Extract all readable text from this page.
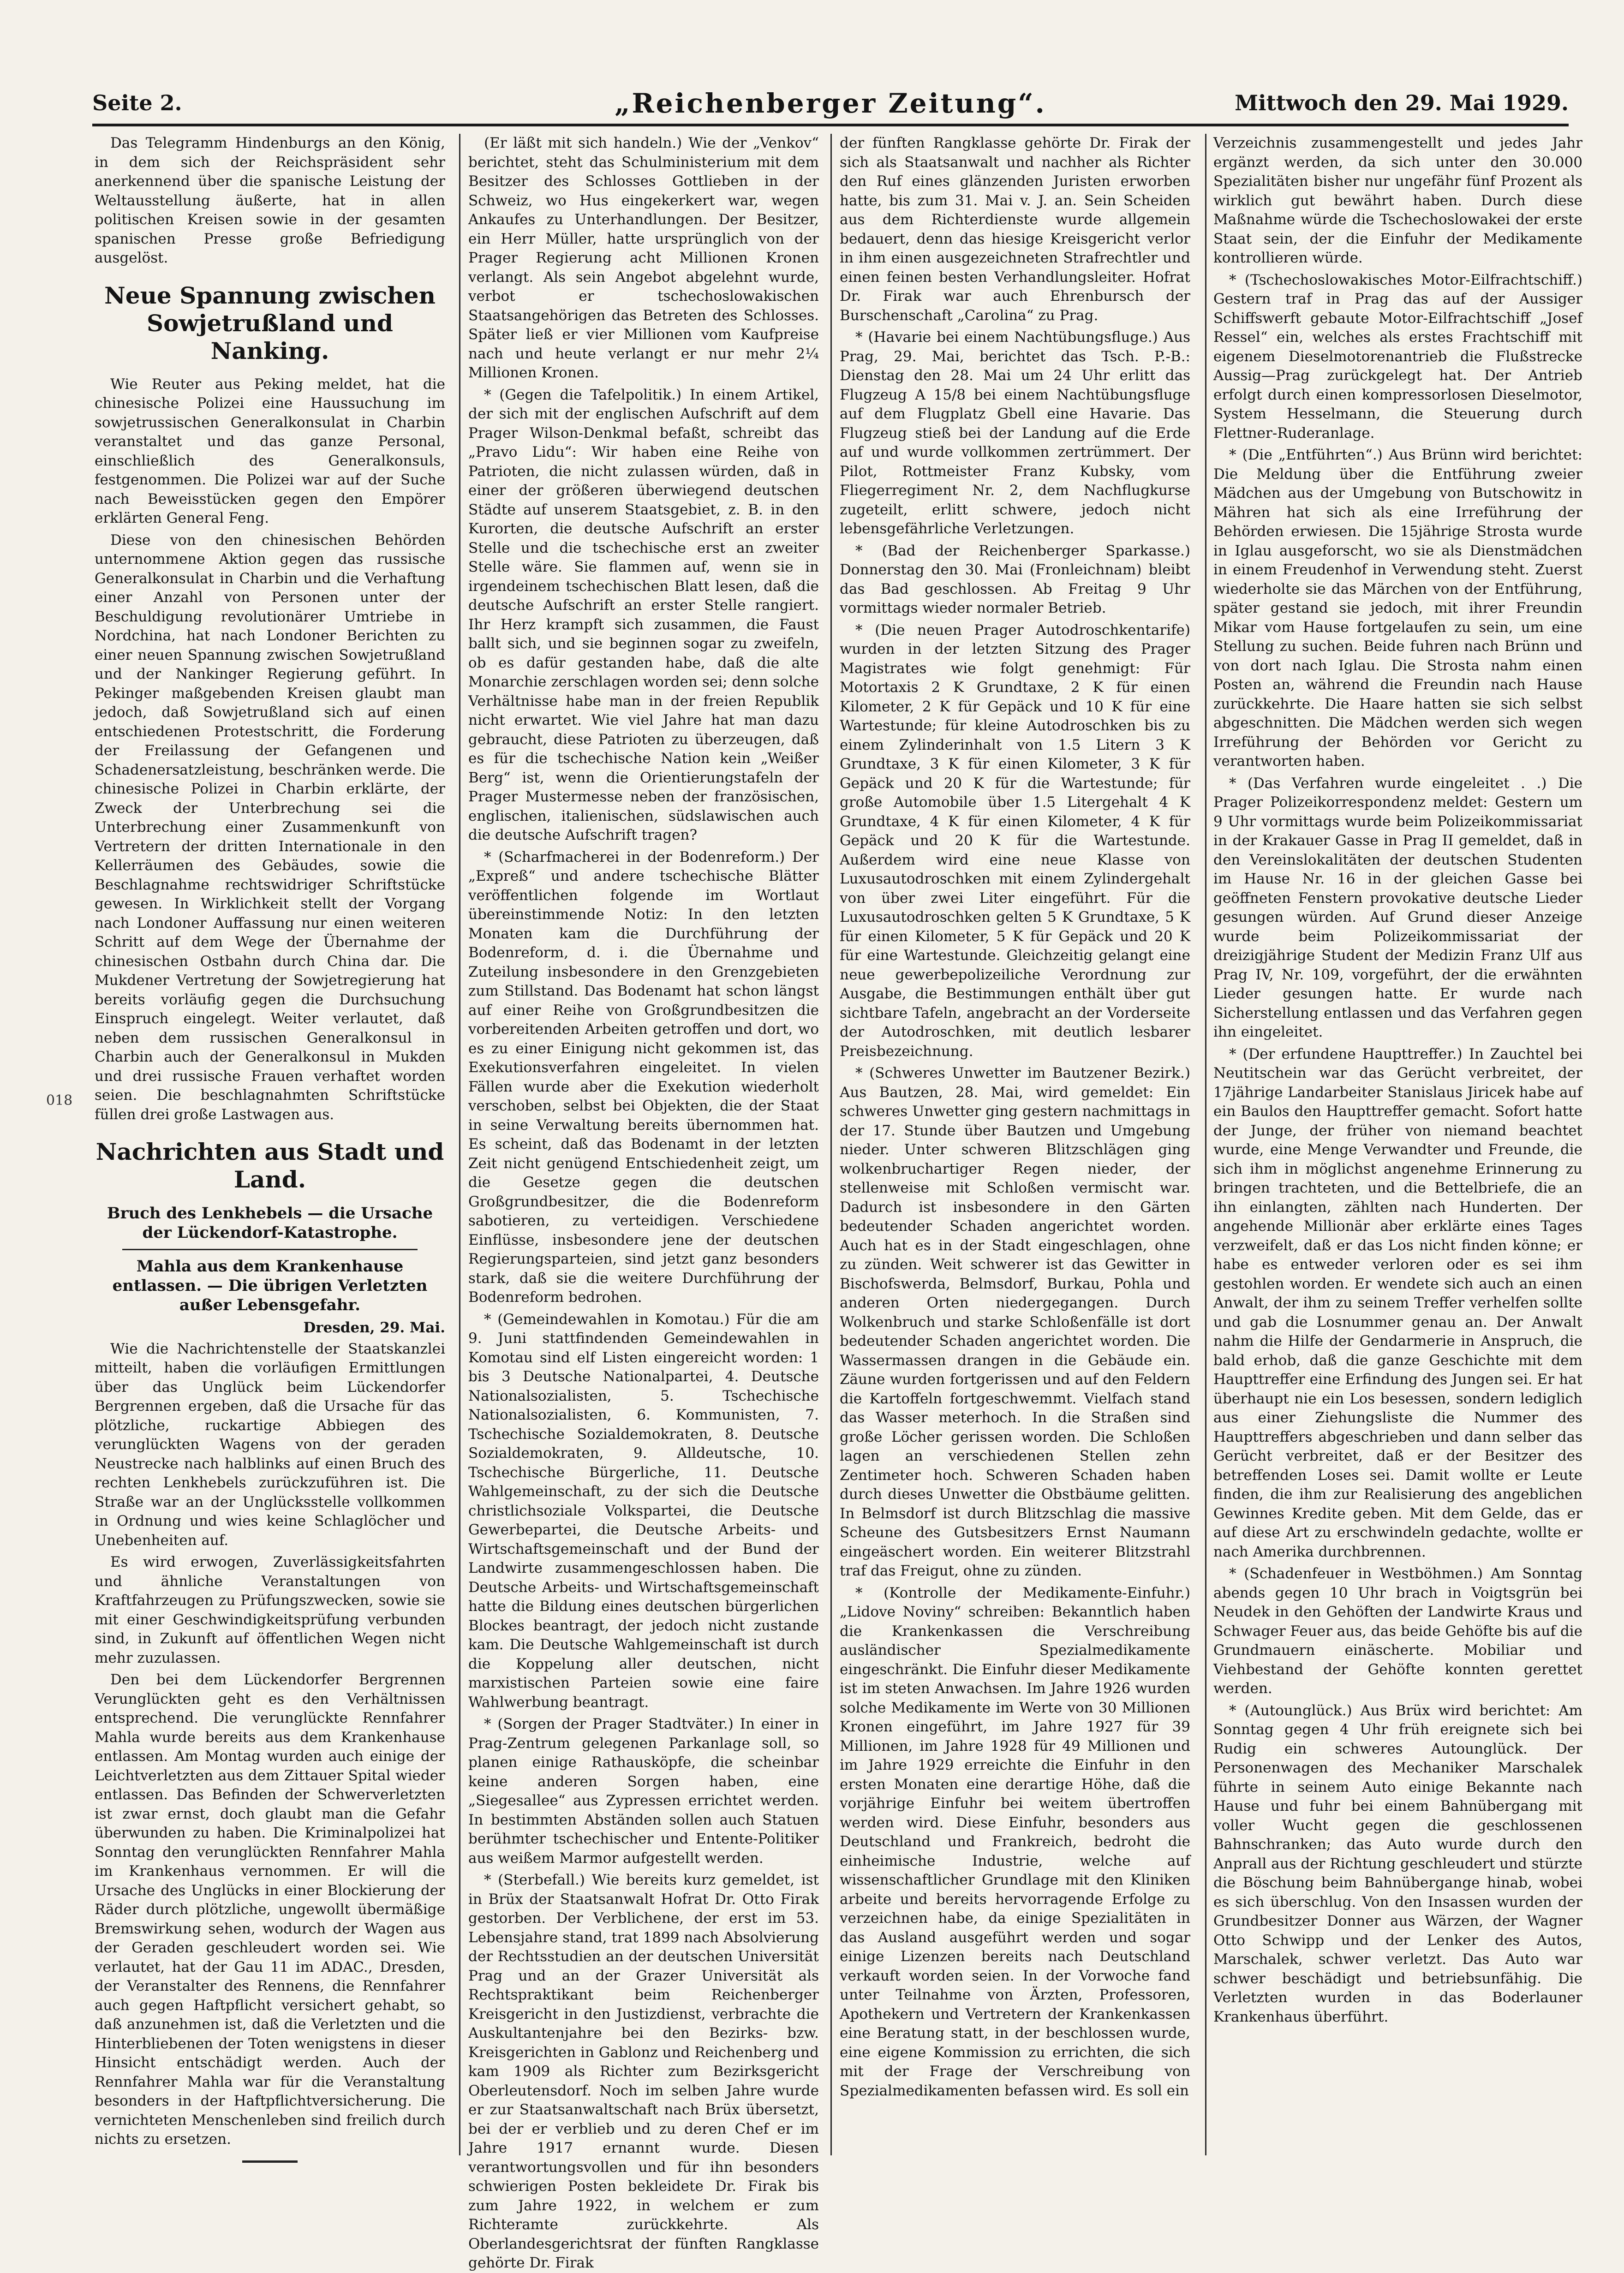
Seite 2.	„Reichenberger Zeitung“.	Mittwoch den 29. Mai 1929.
018

Das Telegramm Hindenburgs an den König, in dem sich der Reichspräsident sehr anerkennend über die spanische Leistung der Weltausstellung äußerte, hat in allen politischen Kreisen sowie in der gesamten spanischen Presse große Befriedigung ausgelöst.

Neue Spannung zwischen Sowjetrußland und Nanking.

Wie Reuter aus Peking meldet, hat die chinesische Polizei eine Haussuchung im sowjetrussischen Generalkonsulat in Charbin veranstaltet und das ganze Personal, einschließlich des Generalkonsuls, festgenommen. Die Polizei war auf der Suche nach Beweisstücken gegen den Empörer erklärten General Feng.

Diese von den chinesischen Behörden unternommene Aktion gegen das russische Generalkonsulat in Charbin und die Verhaftung einer Anzahl von Personen unter der Beschuldigung revolutionärer Umtriebe in Nordchina, hat nach Londoner Berichten zu einer neuen Spannung zwischen Sowjetrußland und der Nankinger Regierung geführt. In Pekinger maßgebenden Kreisen glaubt man jedoch, daß Sowjetrußland sich auf einen entschiedenen Protestschritt, die Forderung der Freilassung der Gefangenen und Schadenersatzleistung, beschränken werde. Die chinesische Polizei in Charbin erklärte, der Zweck der Unterbrechung sei die Unterbrechung einer Zusammenkunft von Vertretern der dritten Internationale in den Kellerräumen des Gebäudes, sowie die Beschlagnahme rechtswidriger Schriftstücke gewesen. In Wirklichkeit stellt der Vorgang nach Londoner Auffassung nur einen weiteren Schritt auf dem Wege der Übernahme der chinesischen Ostbahn durch China dar. Die Mukdener Vertretung der Sowjetregierung hat bereits vorläufig gegen die Durchsuchung Einspruch eingelegt. Weiter verlautet, daß neben dem russischen Generalkonsul in Charbin auch der Generalkonsul in Mukden und drei russische Frauen verhaftet worden seien. Die beschlagnahmten Schriftstücke füllen drei große Lastwagen aus.

Nachrichten aus Stadt und Land.
Bruch des Lenkhebels — die Ursache der Lückendorf-Katastrophe.
Mahla aus dem Krankenhause entlassen. — Die übrigen Verletzten außer Lebensgefahr.
Dresden, 29. Mai.

Wie die Nachrichtenstelle der Staatskanzlei mitteilt, haben die vorläufigen Ermittlungen über das Unglück beim Lückendorfer Bergrennen ergeben, daß die Ursache für das plötzliche, ruckartige Abbiegen des verunglückten Wagens von der geraden Neustrecke nach halblinks auf einen Bruch des rechten Lenkhebels zurückzuführen ist. Die Straße war an der Unglücksstelle vollkommen in Ordnung und wies keine Schlaglöcher und Unebenheiten auf.

Es wird erwogen, Zuverlässigkeitsfahrten und ähnliche Veranstaltungen von Kraftfahrzeugen zu Prüfungszwecken, sowie sie mit einer Geschwindigkeitsprüfung verbunden sind, in Zukunft auf öffentlichen Wegen nicht mehr zuzulassen.

Den bei dem Lückendorfer Bergrennen Verunglückten geht es den Verhältnissen entsprechend. Die verunglückte Rennfahrer Mahla wurde bereits aus dem Krankenhause entlassen. Am Montag wurden auch einige der Leichtverletzten aus dem Zittauer Spital wieder entlassen. Das Befinden der Schwerverletzten ist zwar ernst, doch glaubt man die Gefahr überwunden zu haben. Die Kriminalpolizei hat Sonntag den verunglückten Rennfahrer Mahla im Krankenhaus vernommen. Er will die Ursache des Unglücks in einer Blockierung der Räder durch plötzliche, ungewollt übermäßige Bremswirkung sehen, wodurch der Wagen aus der Geraden geschleudert worden sei. Wie verlautet, hat der Gau 11 im ADAC., Dresden, der Veranstalter des Rennens, die Rennfahrer auch gegen Haftpflicht versichert gehabt, so daß anzunehmen ist, daß die Verletzten und die Hinterbliebenen der Toten wenigstens in dieser Hinsicht entschädigt werden. Auch der Rennfahrer Mahla war für die Veranstaltung besonders in der Haftpflichtversicherung. Die vernichteten Menschenleben sind freilich durch nichts zu ersetzen.

(Er läßt mit sich handeln.) Wie der „Venkov“ berichtet, steht das Schulministerium mit dem Besitzer des Schlosses Gottlieben in der Schweiz, wo Hus eingekerkert war, wegen Ankaufes zu Unterhandlungen. Der Besitzer, ein Herr Müller, hatte ursprünglich von der Prager Regierung acht Millionen Kronen verlangt. Als sein Angebot abgelehnt wurde, verbot er tschechoslowakischen Staatsangehörigen das Betreten des Schlosses. Später ließ er vier Millionen vom Kaufpreise nach und heute verlangt er nur mehr 2¼ Millionen Kronen.

* (Gegen die Tafelpolitik.) In einem Artikel, der sich mit der englischen Aufschrift auf dem Prager Wilson-Denkmal befaßt, schreibt das „Pravo Lidu“: Wir haben eine Reihe von Patrioten, die nicht zulassen würden, daß in einer der größeren überwiegend deutschen Städte auf unserem Staatsgebiet, z. B. in den Kurorten, die deutsche Aufschrift an erster Stelle und die tschechische erst an zweiter Stelle wäre. Sie flammen auf, wenn sie in irgendeinem tschechischen Blatt lesen, daß die deutsche Aufschrift an erster Stelle rangiert. Ihr Herz krampft sich zusammen, die Faust ballt sich, und sie beginnen sogar zu zweifeln, ob es dafür gestanden habe, daß die alte Monarchie zerschlagen worden sei; denn solche Verhältnisse habe man in der freien Republik nicht erwartet. Wie viel Jahre hat man dazu gebraucht, diese Patrioten zu überzeugen, daß es für die tschechische Nation kein „Weißer Berg“ ist, wenn die Orientierungstafeln der Prager Mustermesse neben der französischen, englischen, italienischen, südslawischen auch die deutsche Aufschrift tragen?

* (Scharfmacherei in der Bodenreform.) Der „Expreß“ und andere tschechische Blätter veröffentlichen folgende im Wortlaut übereinstimmende Notiz: In den letzten Monaten kam die Durchführung der Bodenreform, d. i. die Übernahme und Zuteilung insbesondere in den Grenzgebieten zum Stillstand. Das Bodenamt hat schon längst auf einer Reihe von Großgrundbesitzen die vorbereitenden Arbeiten getroffen und dort, wo es zu einer Einigung nicht gekommen ist, das Exekutionsverfahren eingeleitet. In vielen Fällen wurde aber die Exekution wiederholt verschoben, selbst bei Objekten, die der Staat in seine Verwaltung bereits übernommen hat. Es scheint, daß das Bodenamt in der letzten Zeit nicht genügend Entschiedenheit zeigt, um die Gesetze gegen die deutschen Großgrundbesitzer, die die Bodenreform sabotieren, zu verteidigen. Verschiedene Einflüsse, insbesondere jene der deutschen Regierungsparteien, sind jetzt ganz besonders stark, daß sie die weitere Durchführung der Bodenreform bedrohen.

* (Gemeindewahlen in Komotau.) Für die am 9. Juni stattfindenden Gemeindewahlen in Komotau sind elf Listen eingereicht worden: 1 bis 3 Deutsche Nationalpartei, 4. Deutsche Nationalsozialisten, 5. Tschechische Nationalsozialisten, 6. Kommunisten, 7. Tschechische Sozialdemokraten, 8. Deutsche Sozialdemokraten, 9. Alldeutsche, 10. Tschechische Bürgerliche, 11. Deutsche Wahlgemeinschaft, zu der sich die Deutsche christlichsoziale Volkspartei, die Deutsche Gewerbepartei, die Deutsche Arbeits- und Wirtschaftsgemeinschaft und der Bund der Landwirte zusammengeschlossen haben. Die Deutsche Arbeits- und Wirtschaftsgemeinschaft hatte die Bildung eines deutschen bürgerlichen Blockes beantragt, der jedoch nicht zustande kam. Die Deutsche Wahlgemeinschaft ist durch die Koppelung aller deutschen, nicht marxistischen Parteien sowie eine faire Wahlwerbung beantragt.

* (Sorgen der Prager Stadtväter.) In einer in Prag-Zentrum gelegenen Parkanlage soll, so planen einige Rathausköpfe, die scheinbar keine anderen Sorgen haben, eine „Siegesallee“ aus Zypressen errichtet werden. In bestimmten Abständen sollen auch Statuen berühmter tschechischer und Entente-Politiker aus weißem Marmor aufgestellt werden.

* (Sterbefall.) Wie bereits kurz gemeldet, ist in Brüx der Staatsanwalt Hofrat Dr. Otto Firak gestorben. Der Verblichene, der erst im 53. Lebensjahre stand, trat 1899 nach Absolvierung der Rechtsstudien an der deutschen Universität Prag und an der Grazer Universität als Rechtspraktikant beim Reichenberger Kreisgericht in den Justizdienst, verbrachte die Auskultantenjahre bei den Bezirks- bzw. Kreisgerichten in Gablonz und Reichenberg und kam 1909 als Richter zum Bezirksgericht Oberleutensdorf. Noch im selben Jahre wurde er zur Staatsanwaltschaft nach Brüx übersetzt, bei der er verblieb und zu deren Chef er im Jahre 1917 ernannt wurde. Diesen verantwortungsvollen und für ihn besonders schwierigen Posten bekleidete Dr. Firak bis zum Jahre 1922, in welchem er zum Richteramte zurückkehrte. Als Oberlandesgerichtsrat der fünften Rangklasse gehörte Dr. Firak

der fünften Rangklasse gehörte Dr. Firak der sich als Staatsanwalt und nachher als Richter den Ruf eines glänzenden Juristen erworben hatte, bis zum 31. Mai v. J. an. Sein Scheiden aus dem Richterdienste wurde allgemein bedauert, denn das hiesige Kreisgericht verlor in ihm einen ausgezeichneten Strafrechtler und einen feinen besten Verhandlungsleiter. Hofrat Dr. Firak war auch Ehrenbursch der Burschenschaft „Carolina“ zu Prag.

* (Havarie bei einem Nachtübungsfluge.) Aus Prag, 29. Mai, berichtet das Tsch. P.-B.: Dienstag den 28. Mai um 24 Uhr erlitt das Flugzeug A 15/8 bei einem Nachtübungsfluge auf dem Flugplatz Gbell eine Havarie. Das Flugzeug stieß bei der Landung auf die Erde auf und wurde vollkommen zertrümmert. Der Pilot, Rottmeister Franz Kubsky, vom Fliegerregiment Nr. 2, dem Nachflugkurse zugeteilt, erlitt schwere, jedoch nicht lebensgefährliche Verletzungen.

* (Bad der Reichenberger Sparkasse.) Donnerstag den 30. Mai (Fronleichnam) bleibt das Bad geschlossen. Ab Freitag 9 Uhr vormittags wieder normaler Betrieb.

* (Die neuen Prager Autodroschkentarife) wurden in der letzten Sitzung des Prager Magistrates wie folgt genehmigt: Für Motortaxis 2 K Grundtaxe, 2 K für einen Kilometer, 2 K für Gepäck und 10 K für eine Wartestunde; für kleine Autodroschken bis zu einem Zylinderinhalt von 1.5 Litern 3 K Grundtaxe, 3 K für einen Kilometer, 3 K für Gepäck und 20 K für die Wartestunde; für große Automobile über 1.5 Litergehalt 4 K Grundtaxe, 4 K für einen Kilometer, 4 K für Gepäck und 20 K für die Wartestunde. Außerdem wird eine neue Klasse von Luxusautodroschken mit einem Zylindergehalt von über zwei Liter eingeführt. Für die Luxusautodroschken gelten 5 K Grundtaxe, 5 K für einen Kilometer, 5 K für Gepäck und 20 K für eine Wartestunde. Gleichzeitig gelangt eine neue gewerbepolizeiliche Verordnung zur Ausgabe, die Bestimmungen enthält über gut sichtbare Tafeln, angebracht an der Vorderseite der Autodroschken, mit deutlich lesbarer Preisbezeichnung.

* (Schweres Unwetter im Bautzener Bezirk.) Aus Bautzen, 28. Mai, wird gemeldet: Ein schweres Unwetter ging gestern nachmittags in der 17. Stunde über Bautzen und Umgebung nieder. Unter schweren Blitzschlägen ging wolkenbruchartiger Regen nieder, der stellenweise mit Schloßen vermischt war. Dadurch ist insbesondere in den Gärten bedeutender Schaden angerichtet worden. Auch hat es in der Stadt eingeschlagen, ohne zu zünden. Weit schwerer ist das Gewitter in Bischofswerda, Belmsdorf, Burkau, Pohla und anderen Orten niedergegangen. Durch Wolkenbruch und starke Schloßenfälle ist dort bedeutender Schaden angerichtet worden. Die Wassermassen drangen in die Gebäude ein. Zäune wurden fortgerissen und auf den Feldern die Kartoffeln fortgeschwemmt. Vielfach stand das Wasser meterhoch. In die Straßen sind große Löcher gerissen worden. Die Schloßen lagen an verschiedenen Stellen zehn Zentimeter hoch. Schweren Schaden haben durch dieses Unwetter die Obstbäume gelitten. In Belmsdorf ist durch Blitzschlag die massive Scheune des Gutsbesitzers Ernst Naumann eingeäschert worden. Ein weiterer Blitzstrahl traf das Freigut, ohne zu zünden.

* (Kontrolle der Medikamente-Einfuhr.) „Lidove Noviny“ schreiben: Bekanntlich haben die Krankenkassen die Verschreibung ausländischer Spezialmedikamente eingeschränkt. Die Einfuhr dieser Medikamente ist im steten Anwachsen. Im Jahre 1926 wurden solche Medikamente im Werte von 30 Millionen Kronen eingeführt, im Jahre 1927 für 39 Millionen, im Jahre 1928 für 49 Millionen und im Jahre 1929 erreichte die Einfuhr in den ersten Monaten eine derartige Höhe, daß die vorjährige Einfuhr bei weitem übertroffen werden wird. Diese Einfuhr, besonders aus Deutschland und Frankreich, bedroht die einheimische Industrie, welche auf wissenschaftlicher Grundlage mit den Kliniken arbeite und bereits hervorragende Erfolge zu verzeichnen habe, da einige Spezialitäten in das Ausland ausgeführt werden und sogar einige Lizenzen bereits nach Deutschland verkauft worden seien. In der Vorwoche fand unter Teilnahme von Ärzten, Professoren, Apothekern und Vertretern der Krankenkassen eine Beratung statt, in der beschlossen wurde, eine eigene Kommission zu errichten, die sich mit der Frage der Verschreibung von Spezialmedikamenten befassen wird. Es soll ein

Verzeichnis zusammengestellt und jedes Jahr ergänzt werden, da sich unter den 30.000 Spezialitäten bisher nur ungefähr fünf Prozent als wirklich gut bewährt haben. Durch diese Maßnahme würde die Tschechoslowakei der erste Staat sein, der die Einfuhr der Medikamente kontrollieren würde.

* (Tschechoslowakisches Motor-Eilfrachtschiff.) Gestern traf in Prag das auf der Aussiger Schiffswerft gebaute Motor-Eilfrachtschiff „Josef Ressel“ ein, welches als erstes Frachtschiff mit eigenem Dieselmotorenantrieb die Flußstrecke Aussig—Prag zurückgelegt hat. Der Antrieb erfolgt durch einen kompressorlosen Dieselmotor, System Hesselmann, die Steuerung durch Flettner-Ruderanlage.

* (Die „Entführten“.) Aus Brünn wird berichtet: Die Meldung über die Entführung zweier Mädchen aus der Umgebung von Butschowitz in Mähren hat sich als eine Irreführung der Behörden erwiesen. Die 15jährige Strosta wurde in Iglau ausgeforscht, wo sie als Dienstmädchen in einem Freudenhof in Verwendung steht. Zuerst wiederholte sie das Märchen von der Entführung, später gestand sie jedoch, mit ihrer Freundin Mikar vom Hause fortgelaufen zu sein, um eine Stellung zu suchen. Beide fuhren nach Brünn und von dort nach Iglau. Die Strosta nahm einen Posten an, während die Freundin nach Hause zurückkehrte. Die Haare hatten sie sich selbst abgeschnitten. Die Mädchen werden sich wegen Irreführung der Behörden vor Gericht zu verantworten haben.

* (Das Verfahren wurde eingeleitet . .) Die Prager Polizeikorrespondenz meldet: Gestern um 9 Uhr vormittags wurde beim Polizeikommissariat in der Krakauer Gasse in Prag II gemeldet, daß in den Vereinslokalitäten der deutschen Studenten im Hause Nr. 16 in der gleichen Gasse bei geöffneten Fenstern provokative deutsche Lieder gesungen würden. Auf Grund dieser Anzeige wurde beim Polizeikommissariat der dreizigjährige Student der Medizin Franz Ulf aus Prag IV, Nr. 109, vorgeführt, der die erwähnten Lieder gesungen hatte. Er wurde nach Sicherstellung entlassen und das Verfahren gegen ihn eingeleitet.

* (Der erfundene Haupttreffer.) In Zauchtel bei Neutitschein war das Gerücht verbreitet, der 17jährige Landarbeiter Stanislaus Jiricek habe auf ein Baulos den Haupttreffer gemacht. Sofort hatte der Junge, der früher von niemand beachtet wurde, eine Menge Verwandter und Freunde, die sich ihm in möglichst angenehme Erinnerung zu bringen trachteten, und die Bettelbriefe, die an ihn einlangten, zählten nach Hunderten. Der angehende Millionär aber erklärte eines Tages verzweifelt, daß er das Los nicht finden könne; er habe es entweder verloren oder es sei ihm gestohlen worden. Er wendete sich auch an einen Anwalt, der ihm zu seinem Treffer verhelfen sollte und gab die Losnummer genau an. Der Anwalt nahm die Hilfe der Gendarmerie in Anspruch, die bald erhob, daß die ganze Geschichte mit dem Haupttreffer eine Erfindung des Jungen sei. Er hat überhaupt nie ein Los besessen, sondern lediglich aus einer Ziehungsliste die Nummer des Haupttreffers abgeschrieben und dann selber das Gerücht verbreitet, daß er der Besitzer des betreffenden Loses sei. Damit wollte er Leute finden, die ihm zur Realisierung des angeblichen Gewinnes Kredite geben. Mit dem Gelde, das er auf diese Art zu erschwindeln gedachte, wollte er nach Amerika durchbrennen.

* (Schadenfeuer in Westböhmen.) Am Sonntag abends gegen 10 Uhr brach in Voigtsgrün bei Neudek in den Gehöften der Landwirte Kraus und Schwager Feuer aus, das beide Gehöfte bis auf die Grundmauern einäscherte. Mobiliar und Viehbestand der Gehöfte konnten gerettet werden.

* (Autounglück.) Aus Brüx wird berichtet: Am Sonntag gegen 4 Uhr früh ereignete sich bei Rudig ein schweres Autounglück. Der Personenwagen des Mechaniker Marschalek führte in seinem Auto einige Bekannte nach Hause und fuhr bei einem Bahnübergang mit voller Wucht gegen die geschlossenen Bahnschranken; das Auto wurde durch den Anprall aus der Richtung geschleudert und stürzte die Böschung beim Bahnübergange hinab, wobei es sich überschlug. Von den Insassen wurden der Grundbesitzer Donner aus Wärzen, der Wagner Otto Schwipp und der Lenker des Autos, Marschalek, schwer verletzt. Das Auto war schwer beschädigt und betriebsunfähig. Die Verletzten wurden in das Boderlauner Krankenhaus überführt.
